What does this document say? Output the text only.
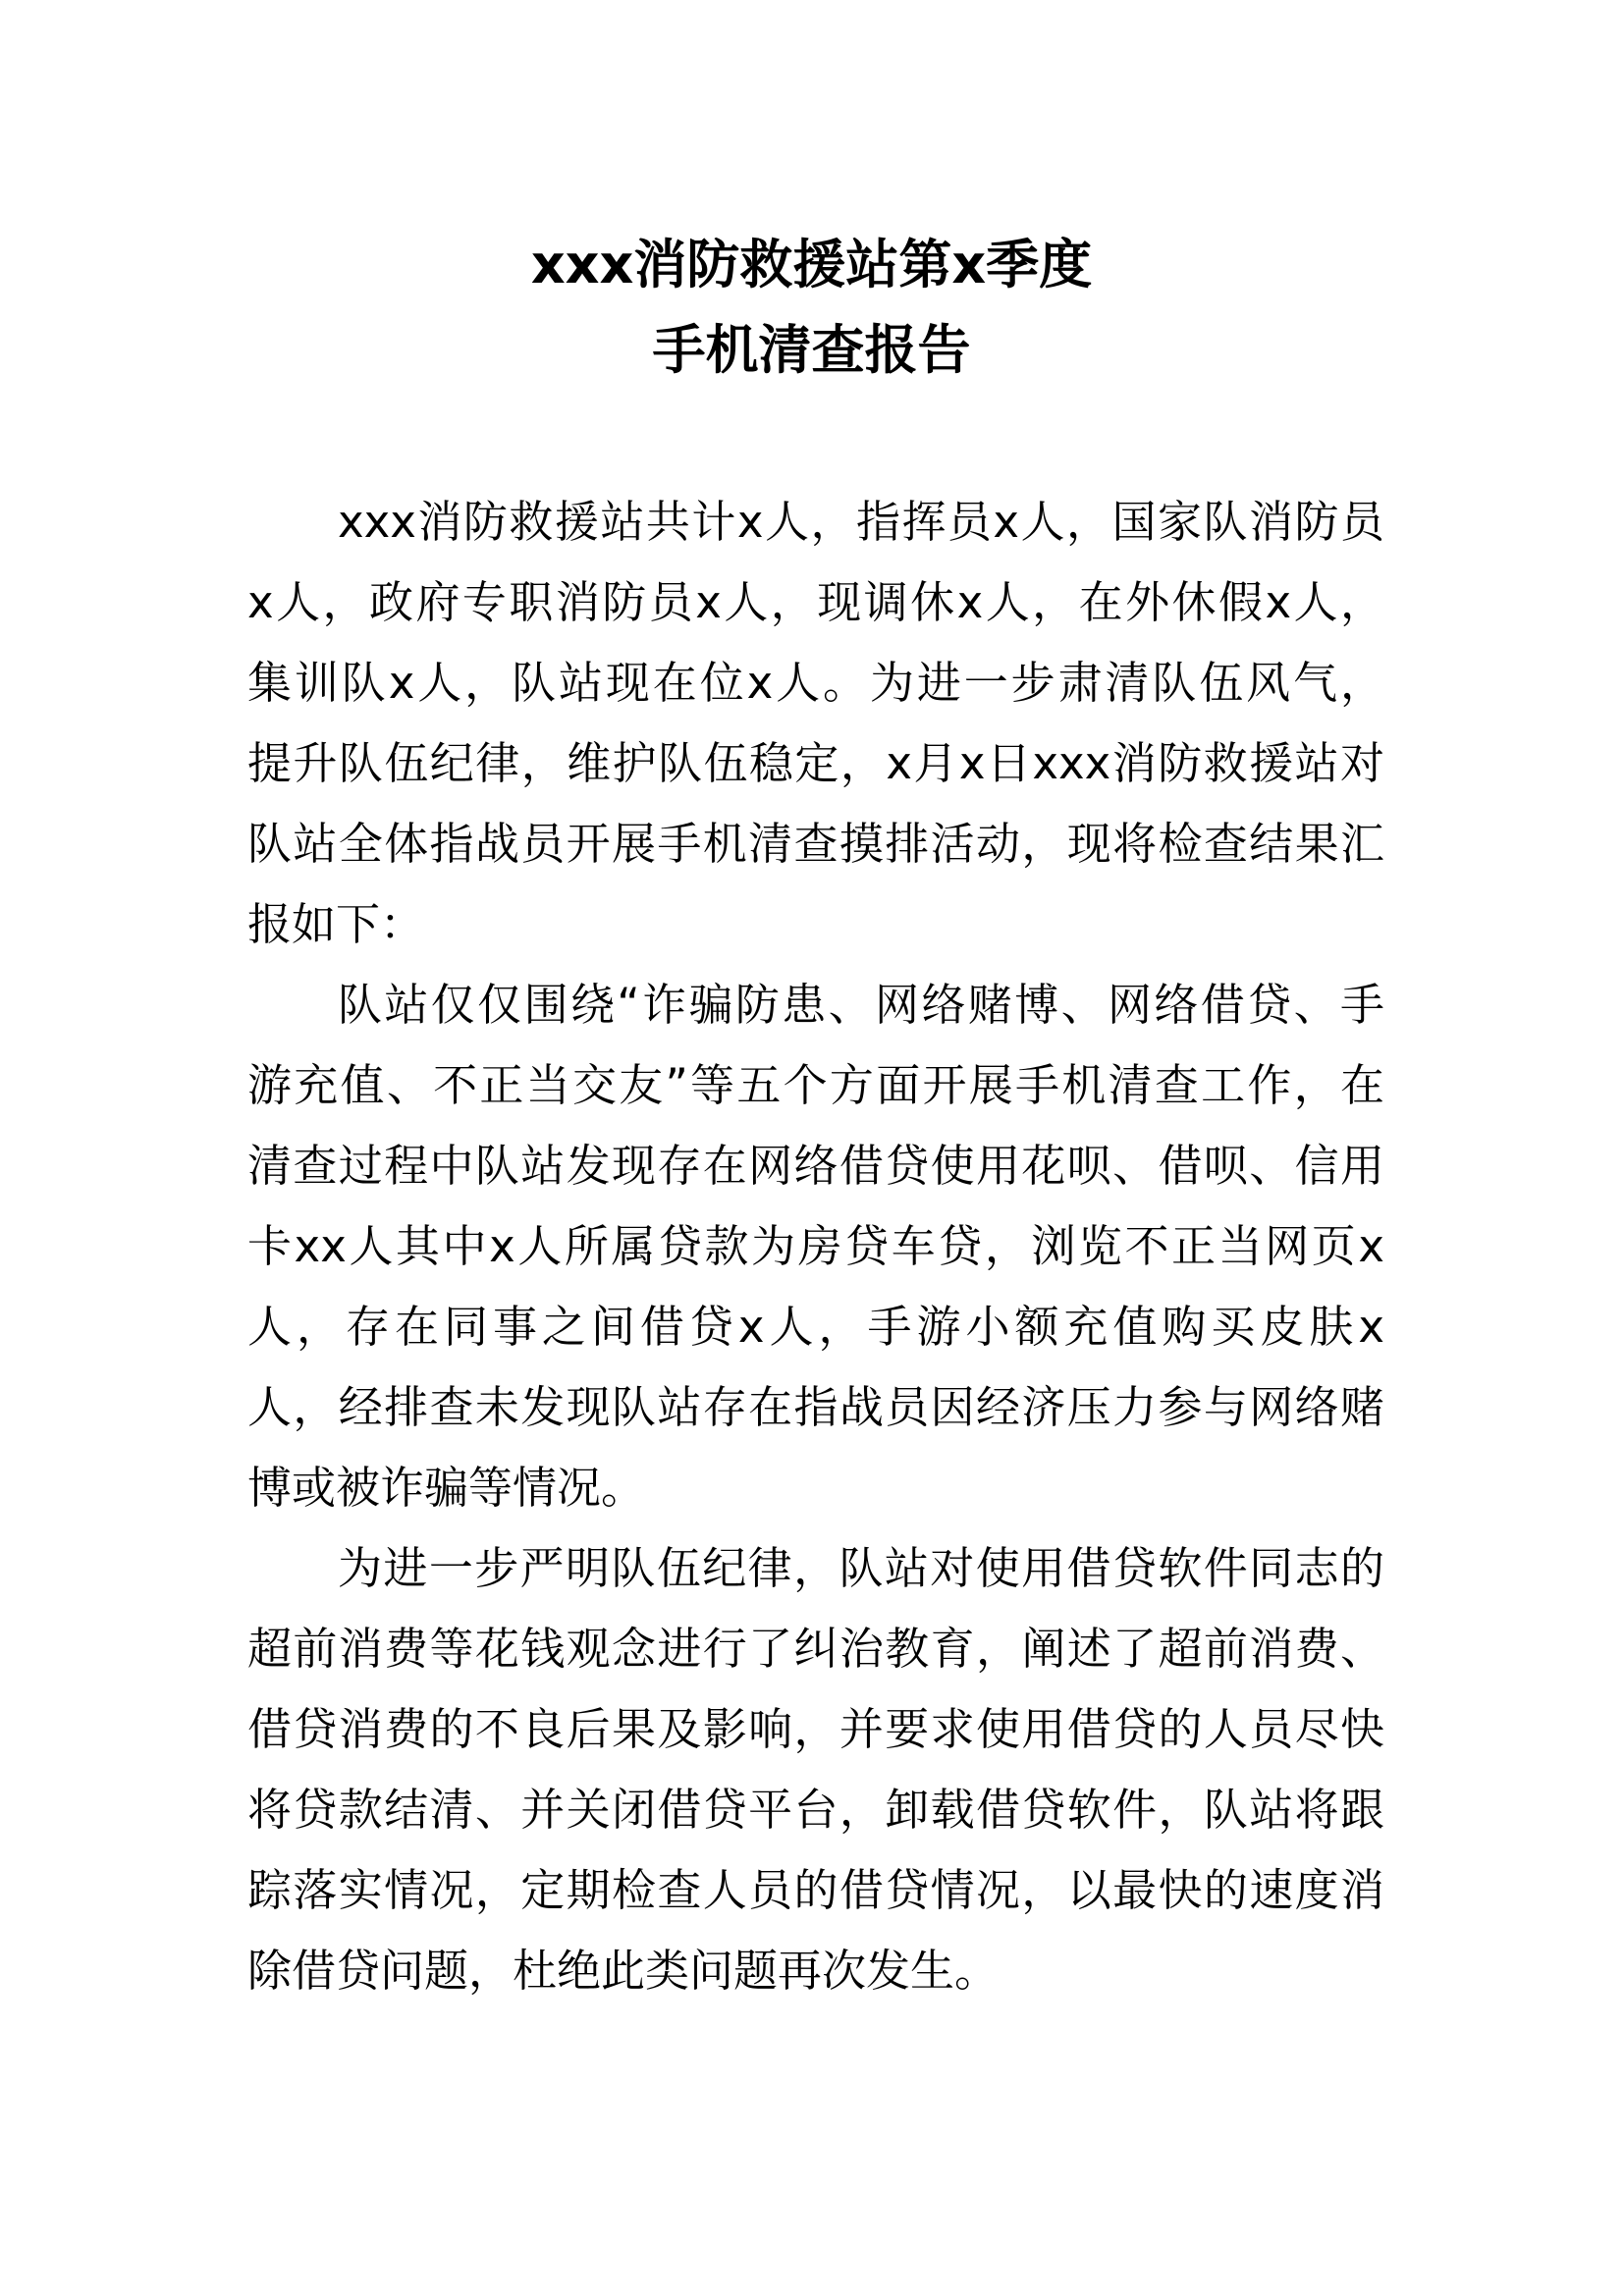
xxx消防救援站第x季度
手机清查报告
xxx消防救援站共计x人，指挥员x人，国家队消防员
x人，政府专职消防员x人，现调休x人，在外休假x人，
集训队x人，队站现在位x人。为进一步肃清队伍风气，
提升队伍纪律，维护队伍稳定，x月x日xxx消防救援站对
队站全体指战员开展手机清查摸排活动，现将检查结果汇
报如下：
队站仅仅围绕“诈骗防患、网络赌博、网络借贷、手
游充值、不正当交友”等五个方面开展手机清查工作，在
清查过程中队站发现存在网络借贷使用花呗、借呗、信用
卡xx人其中x人所属贷款为房贷车贷，浏览不正当网页x
人，存在同事之间借贷x人，手游小额充值购买皮肤x
人，经排查未发现队站存在指战员因经济压力参与网络赌
博或被诈骗等情况。
为进一步严明队伍纪律，队站对使用借贷软件同志的
超前消费等花钱观念进行了纠治教育，阐述了超前消费、
借贷消费的不良后果及影响，并要求使用借贷的人员尽快
将贷款结清、并关闭借贷平台，卸载借贷软件，队站将跟
踪落实情况，定期检查人员的借贷情况，以最快的速度消
除借贷问题，杜绝此类问题再次发生。
